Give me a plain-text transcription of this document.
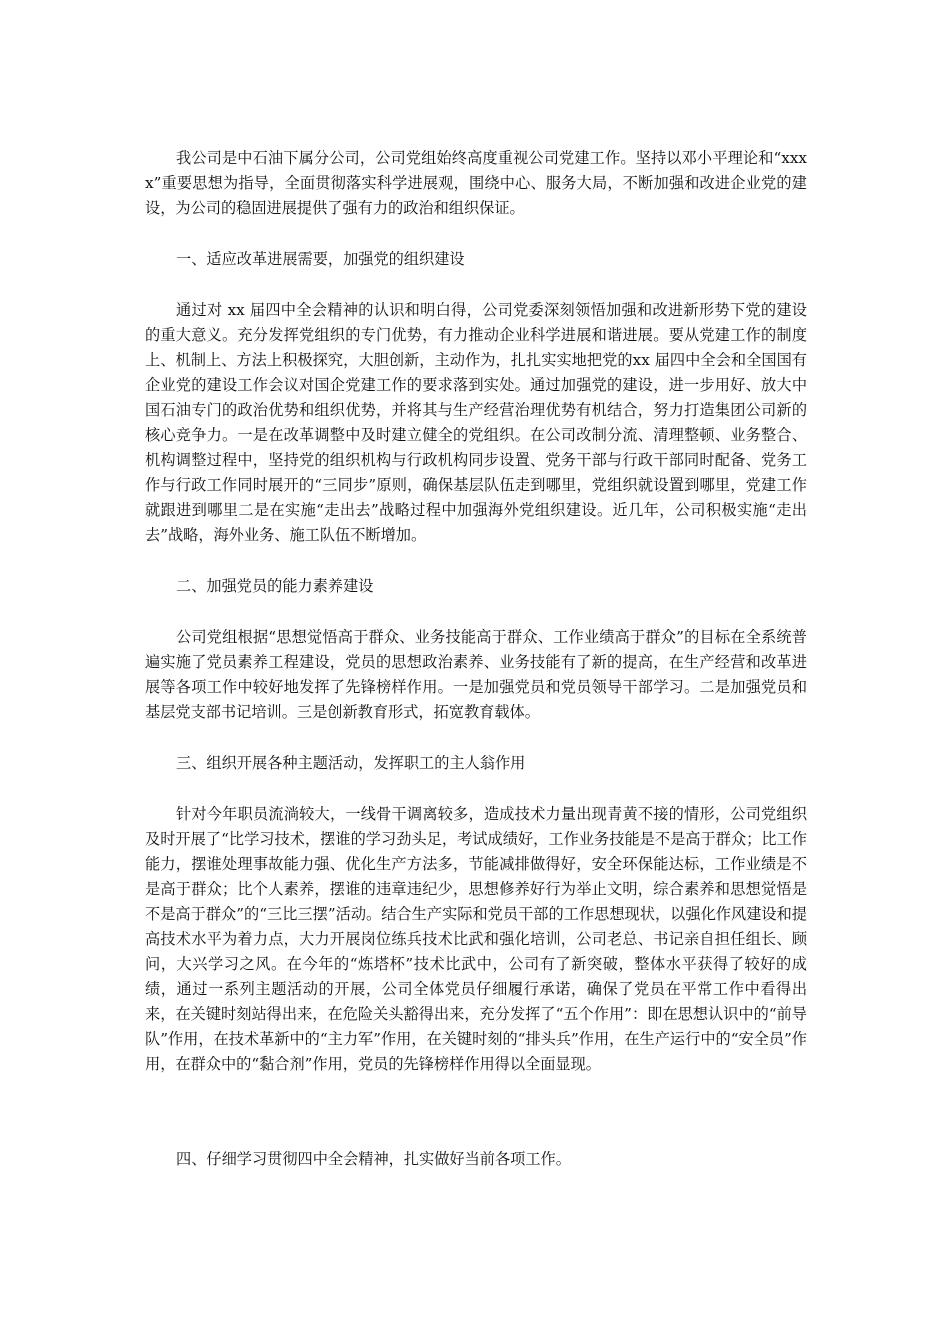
我公司是中石油下属分公司，公司党组始终高度重视公司党建工作。坚持以邓小平理论和“xxxx”重要思想为指导，全面贯彻落实科学进展观，围绕中心、服务大局，不断加强和改进企业党的建设，为公司的稳固进展提供了强有力的政治和组织保证。

一、适应改革进展需要，加强党的组织建设

通过对 xx 届四中全会精神的认识和明白得，公司党委深刻领悟加强和改进新形势下党的建设的重大意义。充分发挥党组织的专门优势，有力推动企业科学进展和谐进展。要从党建工作的制度上、机制上、方法上积极探究，大胆创新，主动作为，扎扎实实地把党的xx 届四中全会和全国国有企业党的建设工作会议对国企党建工作的要求落到实处。通过加强党的建设，进一步用好、放大中国石油专门的政治优势和组织优势，并将其与生产经营治理优势有机结合，努力打造集团公司新的核心竞争力。一是在改革调整中及时建立健全的党组织。在公司改制分流、清理整顿、业务整合、机构调整过程中，坚持党的组织机构与行政机构同步设置、党务干部与行政干部同时配备、党务工作与行政工作同时展开的“三同步”原则，确保基层队伍走到哪里，党组织就设置到哪里，党建工作就跟进到哪里二是在实施“走出去”战略过程中加强海外党组织建设。近几年，公司积极实施“走出去”战略，海外业务、施工队伍不断增加。

二、加强党员的能力素养建设

公司党组根据“思想觉悟高于群众、业务技能高于群众、工作业绩高于群众”的目标在全系统普遍实施了党员素养工程建设，党员的思想政治素养、业务技能有了新的提高，在生产经营和改革进展等各项工作中较好地发挥了先锋榜样作用。一是加强党员和党员领导干部学习。二是加强党员和基层党支部书记培训。三是创新教育形式，拓宽教育载体。

三、组织开展各种主题活动，发挥职工的主人翁作用

针对今年职员流淌较大，一线骨干调离较多，造成技术力量出现青黄不接的情形，公司党组织及时开展了“比学习技术，摆谁的学习劲头足，考试成绩好，工作业务技能是不是高于群众；比工作能力，摆谁处理事故能力强、优化生产方法多，节能减排做得好，安全环保能达标，工作业绩是不是高于群众；比个人素养，摆谁的违章违纪少，思想修养好行为举止文明，综合素养和思想觉悟是不是高于群众”的“三比三摆”活动。结合生产实际和党员干部的工作思想现状，以强化作风建设和提高技术水平为着力点，大力开展岗位练兵技术比武和强化培训，公司老总、书记亲自担任组长、顾问，大兴学习之风。在今年的“炼塔杯”技术比武中，公司有了新突破，整体水平获得了较好的成绩，通过一系列主题活动的开展，公司全体党员仔细履行承诺，确保了党员在平常工作中看得出来，在关键时刻站得出来，在危险关头豁得出来，充分发挥了“五个作用”：即在思想认识中的“前导队”作用，在技术革新中的“主力军”作用，在关键时刻的“排头兵”作用，在生产运行中的“安全员”作用，在群众中的“黏合剂”作用，党员的先锋榜样作用得以全面显现。

四、仔细学习贯彻四中全会精神，扎实做好当前各项工作。
